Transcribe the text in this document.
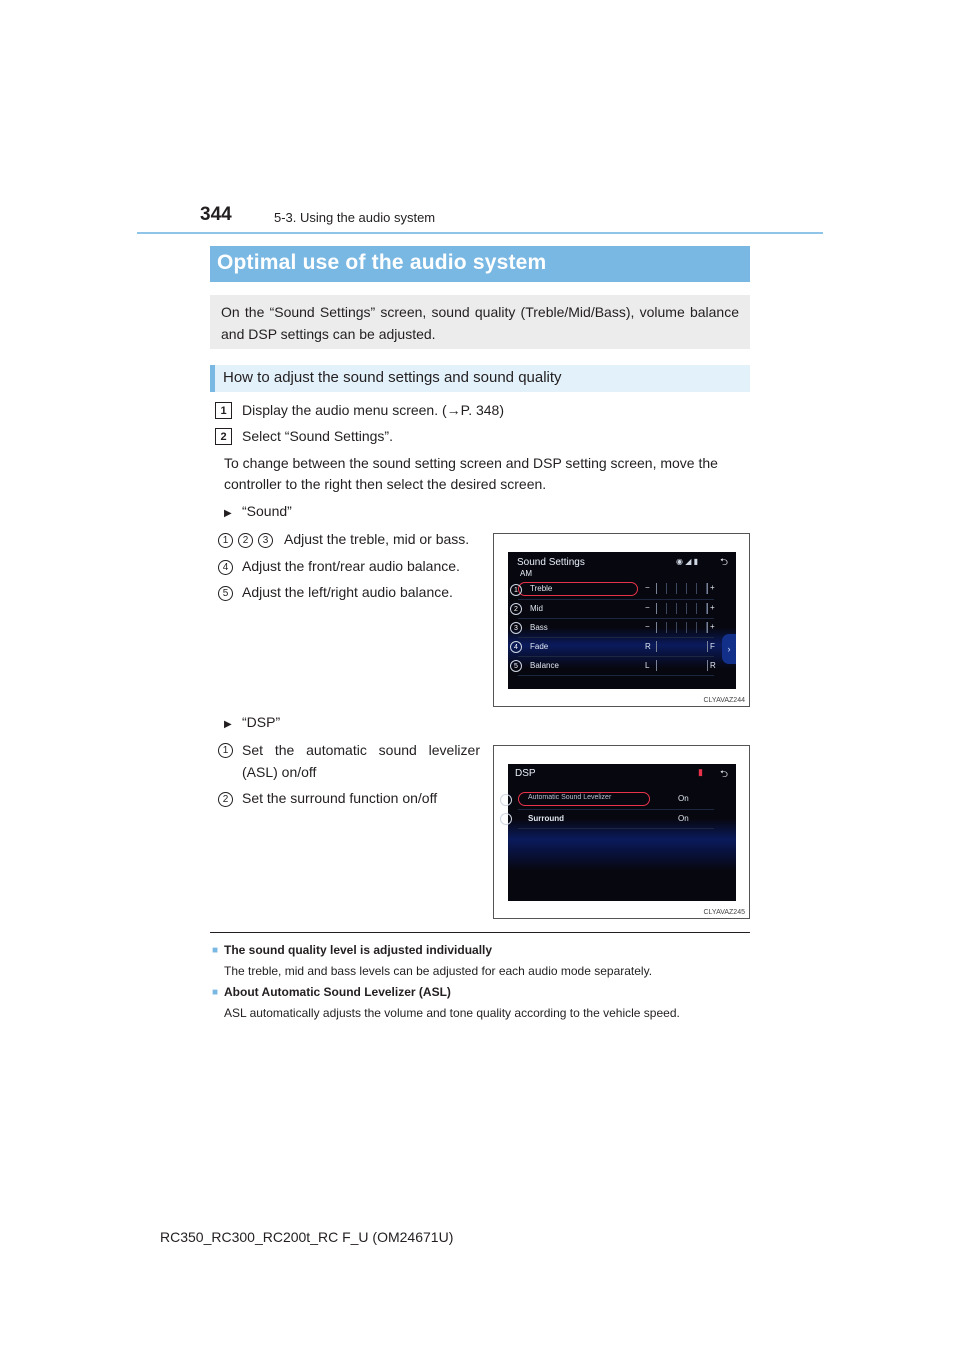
344	5-3. Using the audio system
Optimal use of the audio system

On the “Sound Settings” screen, sound quality (Treble/Mid/Bass), volume balance and DSP settings can be adjusted.

How to adjust the sound settings and sound quality
1	Display the audio menu screen. (→P. 348)
2	Select “Sound Settings”.
To change between the sound setting screen and DSP setting screen, move the controller to the right then select the desired screen.
▶ “Sound”
1	2	3	Adjust the treble, mid or bass.
4 Adjust the front/rear audio balance.
5 Adjust the left/right audio balance.
Sound Settings
AM
◉ ◢ ▮	⮌
Treble	−	+
Mid	−	+
Bass	−	+
Fade	R	F
Balance	L	R
›
1
2
3
4
5
CLYAVAZ244
▶ “DSP”
1 Set the automatic sound levelizer
(ASL) on/off
2 Set the surround function on/off
DSP	▮ ⮌
Automatic Sound Levelizer	On
Surround	On
1
2
CLYAVAZ245
■ The sound quality level is adjusted individually
The treble, mid and bass levels can be adjusted for each audio mode separately.
■ About Automatic Sound Levelizer (ASL)
ASL automatically adjusts the volume and tone quality according to the vehicle speed.
RC350_RC300_RC200t_RC F_U (OM24671U)
